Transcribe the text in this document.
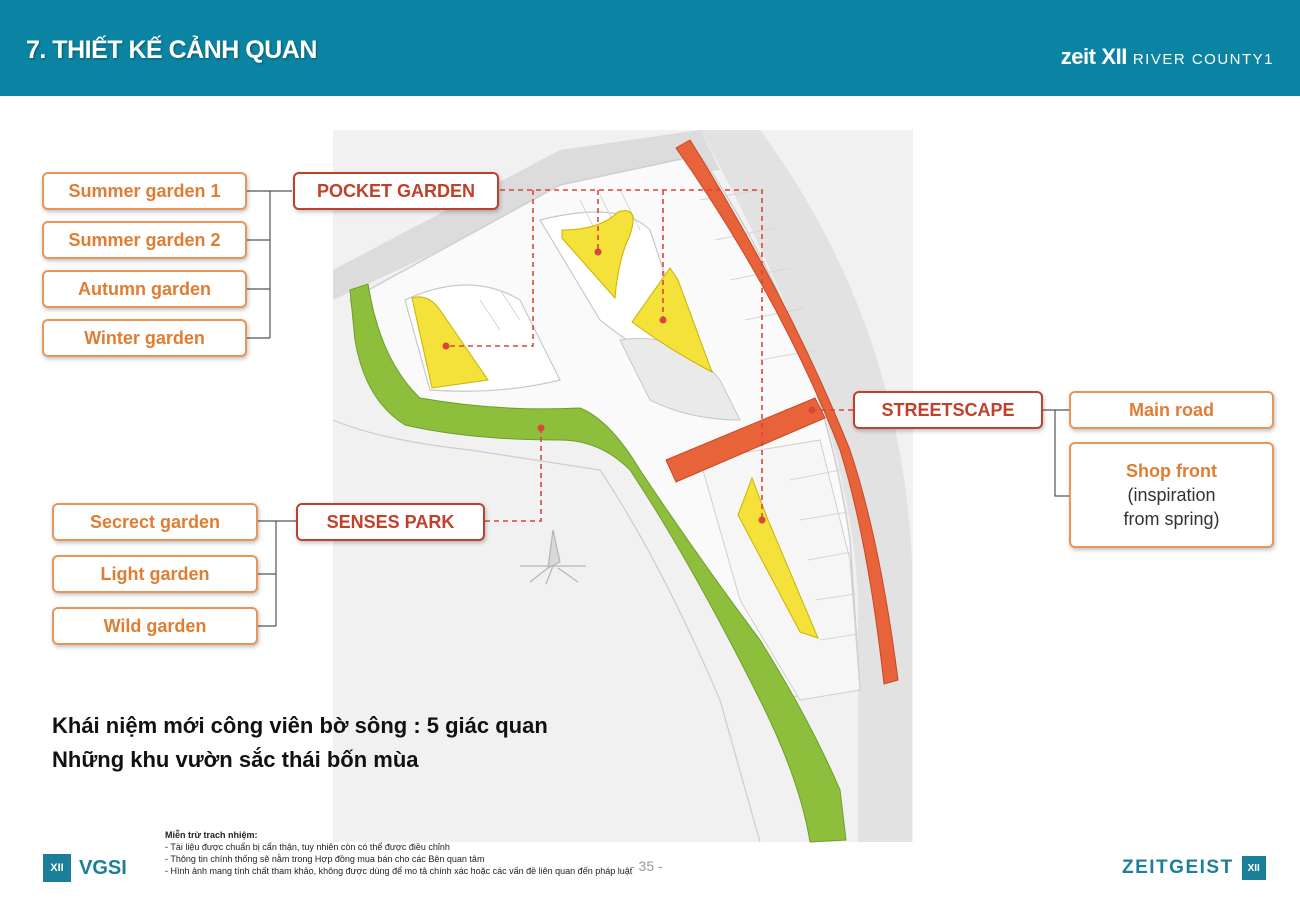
7. THIẾT KẾ CẢNH QUAN	zeit XII RIVER COUNTY1
POCKET GARDEN
Summer garden 1
Summer garden 2
Autumn garden
Winter garden
SENSES PARK
Secrect garden
Light garden
Wild garden
STREETSCAPE	Main road
Shop front
(inspiration
from spring)
Khái niệm mới công viên bờ sông : 5 giác quan
Những khu vườn sắc thái bốn mùa
XII VGSI
Miễn trừ trach nhiệm:
- Tài liệu được chuẩn bị cẩn thận, tuy nhiên còn có thể được điều chỉnh
- Thông tin chính thống sẽ nằm trong Hợp đồng mua bán cho các Bên quan tâm
- Hình ảnh mang tính chất tham khảo, không được dùng để mo tả chính xác hoặc các vấn đề liên quan đến pháp luật
- 35 -	ZEITGEIST	XII
